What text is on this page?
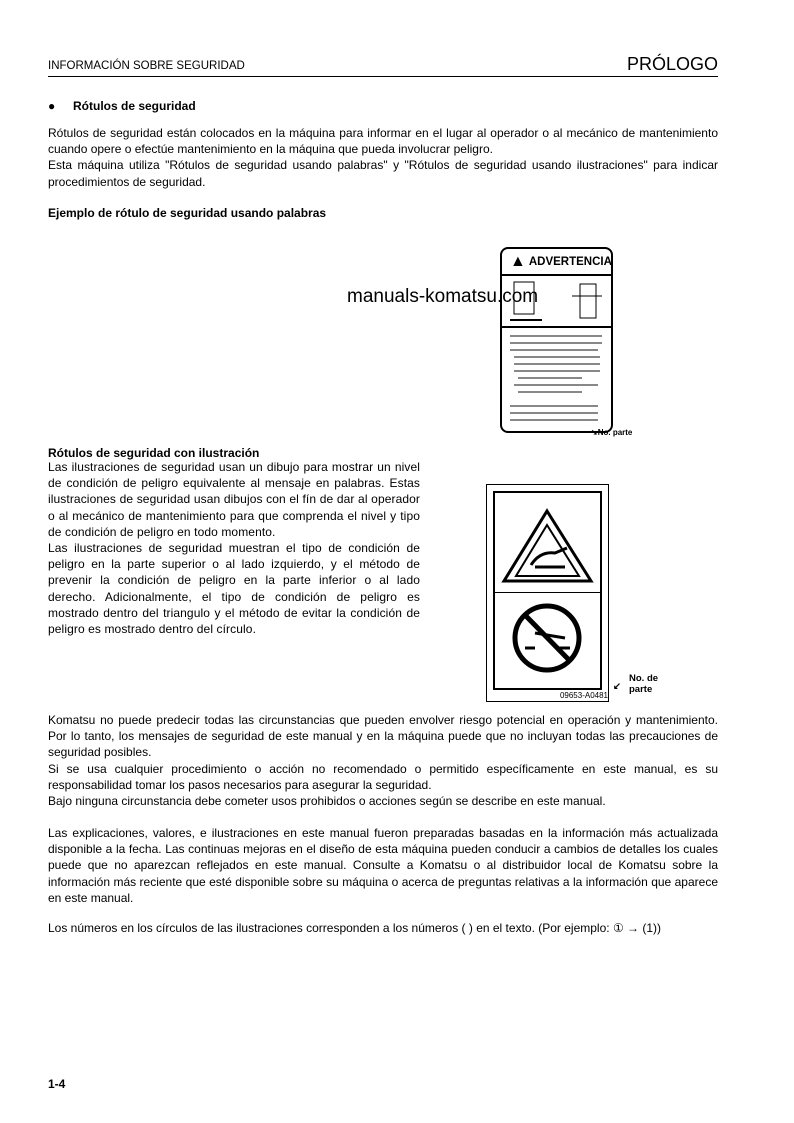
INFORMACIÓN SOBRE SEGURIDAD	PRÓLOGO
● Rótulos de seguridad
Rótulos de seguridad están colocados en la máquina para informar en el lugar al operador o al mecánico de mantenimiento cuando opere o efectúe mantenimiento en la máquina que pueda involucrar peligro.
Esta máquina utiliza "Rótulos de seguridad usando palabras" y "Rótulos de seguridad usando ilustraciones" para indicar procedimientos de seguridad.
Ejemplo de rótulo de seguridad usando palabras
▲ ADVERTENCIA
➘No. parte
manuals-komatsu.com
Rótulos de seguridad con ilustración
Las ilustraciones de seguridad usan un dibujo para mostrar un nivel de condición de peligro equivalente al mensaje en palabras. Estas ilustraciones de seguridad usan dibujos con el fín de dar al operador o al mecánico de mantenimiento para que comprenda el nivel y tipo de condición de peligro en todo momento.
Las ilustraciones de seguridad muestran el tipo de condición de peligro en la parte superior o al lado izquierdo, y el método de prevenir la condición de peligro en la parte inferior o al lado derecho. Adicionalmente, el tipo de condición de peligro es mostrado dentro del triangulo y el método de evitar la condición de peligro es mostrado dentro del círculo.
09653-A0481
↙
No. de
parte
Komatsu no puede predecir todas las circunstancias que pueden envolver riesgo potencial en operación y mantenimiento. Por lo tanto, los mensajes de seguridad de este manual y en la máquina puede que no incluyan todas las precauciones de seguridad posibles.
Si se usa cualquier procedimiento o acción no recomendado o permitido específicamente en este manual, es su responsabilidad tomar los pasos necesarios para asegurar la seguridad.
Bajo ninguna circunstancia debe cometer usos prohibidos o acciones según se describe en este manual.
Las explicaciones, valores, e ilustraciones en este manual fueron preparadas basadas en la información más actualizada disponible a la fecha. Las continuas mejoras en el diseño de esta máquina pueden conducir a cambios de detalles los cuales puede que no aparezcan reflejados en este manual. Consulte a Komatsu o al distribuidor local de Komatsu sobre la información más reciente que esté disponible sobre su máquina o acerca de preguntas relativas a la información que aparece en este manual.
Los números en los círculos de las ilustraciones corresponden a los números ( ) en el texto. (Por ejemplo: ① → (1))
1-4
